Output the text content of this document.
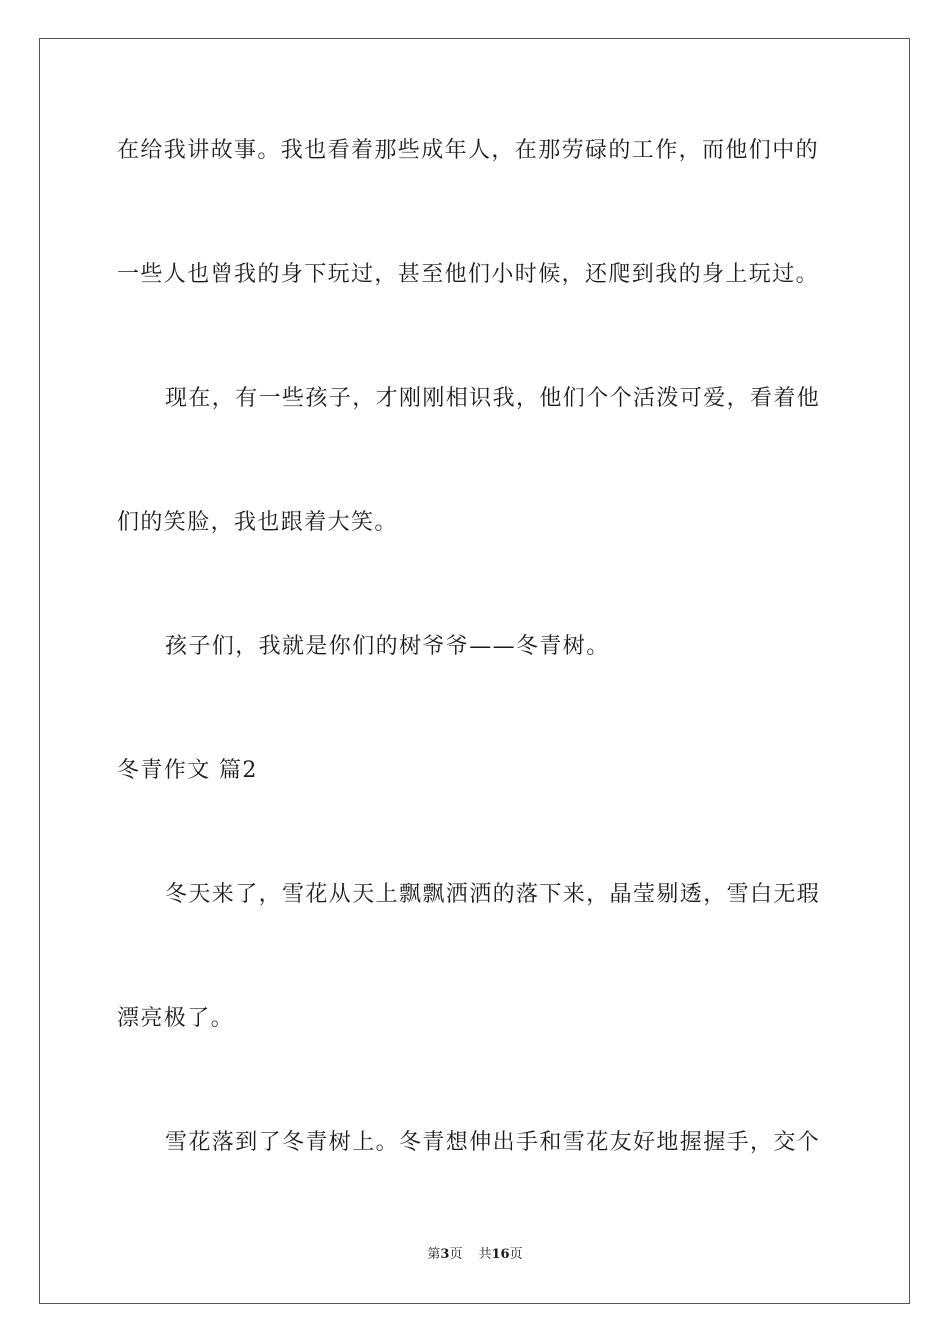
在给我讲故事。我也看着那些成年人，在那劳碌的工作，而他们中的
一些人也曾我的身下玩过，甚至他们小时候，还爬到我的身上玩过。
现在，有一些孩子，才刚刚相识我，他们个个活泼可爱，看着他
们的笑脸，我也跟着大笑。
孩子们，我就是你们的树爷爷——冬青树。
冬青作文 篇2
冬天来了，雪花从天上飘飘洒洒的落下来，晶莹剔透，雪白无瑕
漂亮极了。
雪花落到了冬青树上。冬青想伸出手和雪花友好地握握手，交个
第3页 共16页
